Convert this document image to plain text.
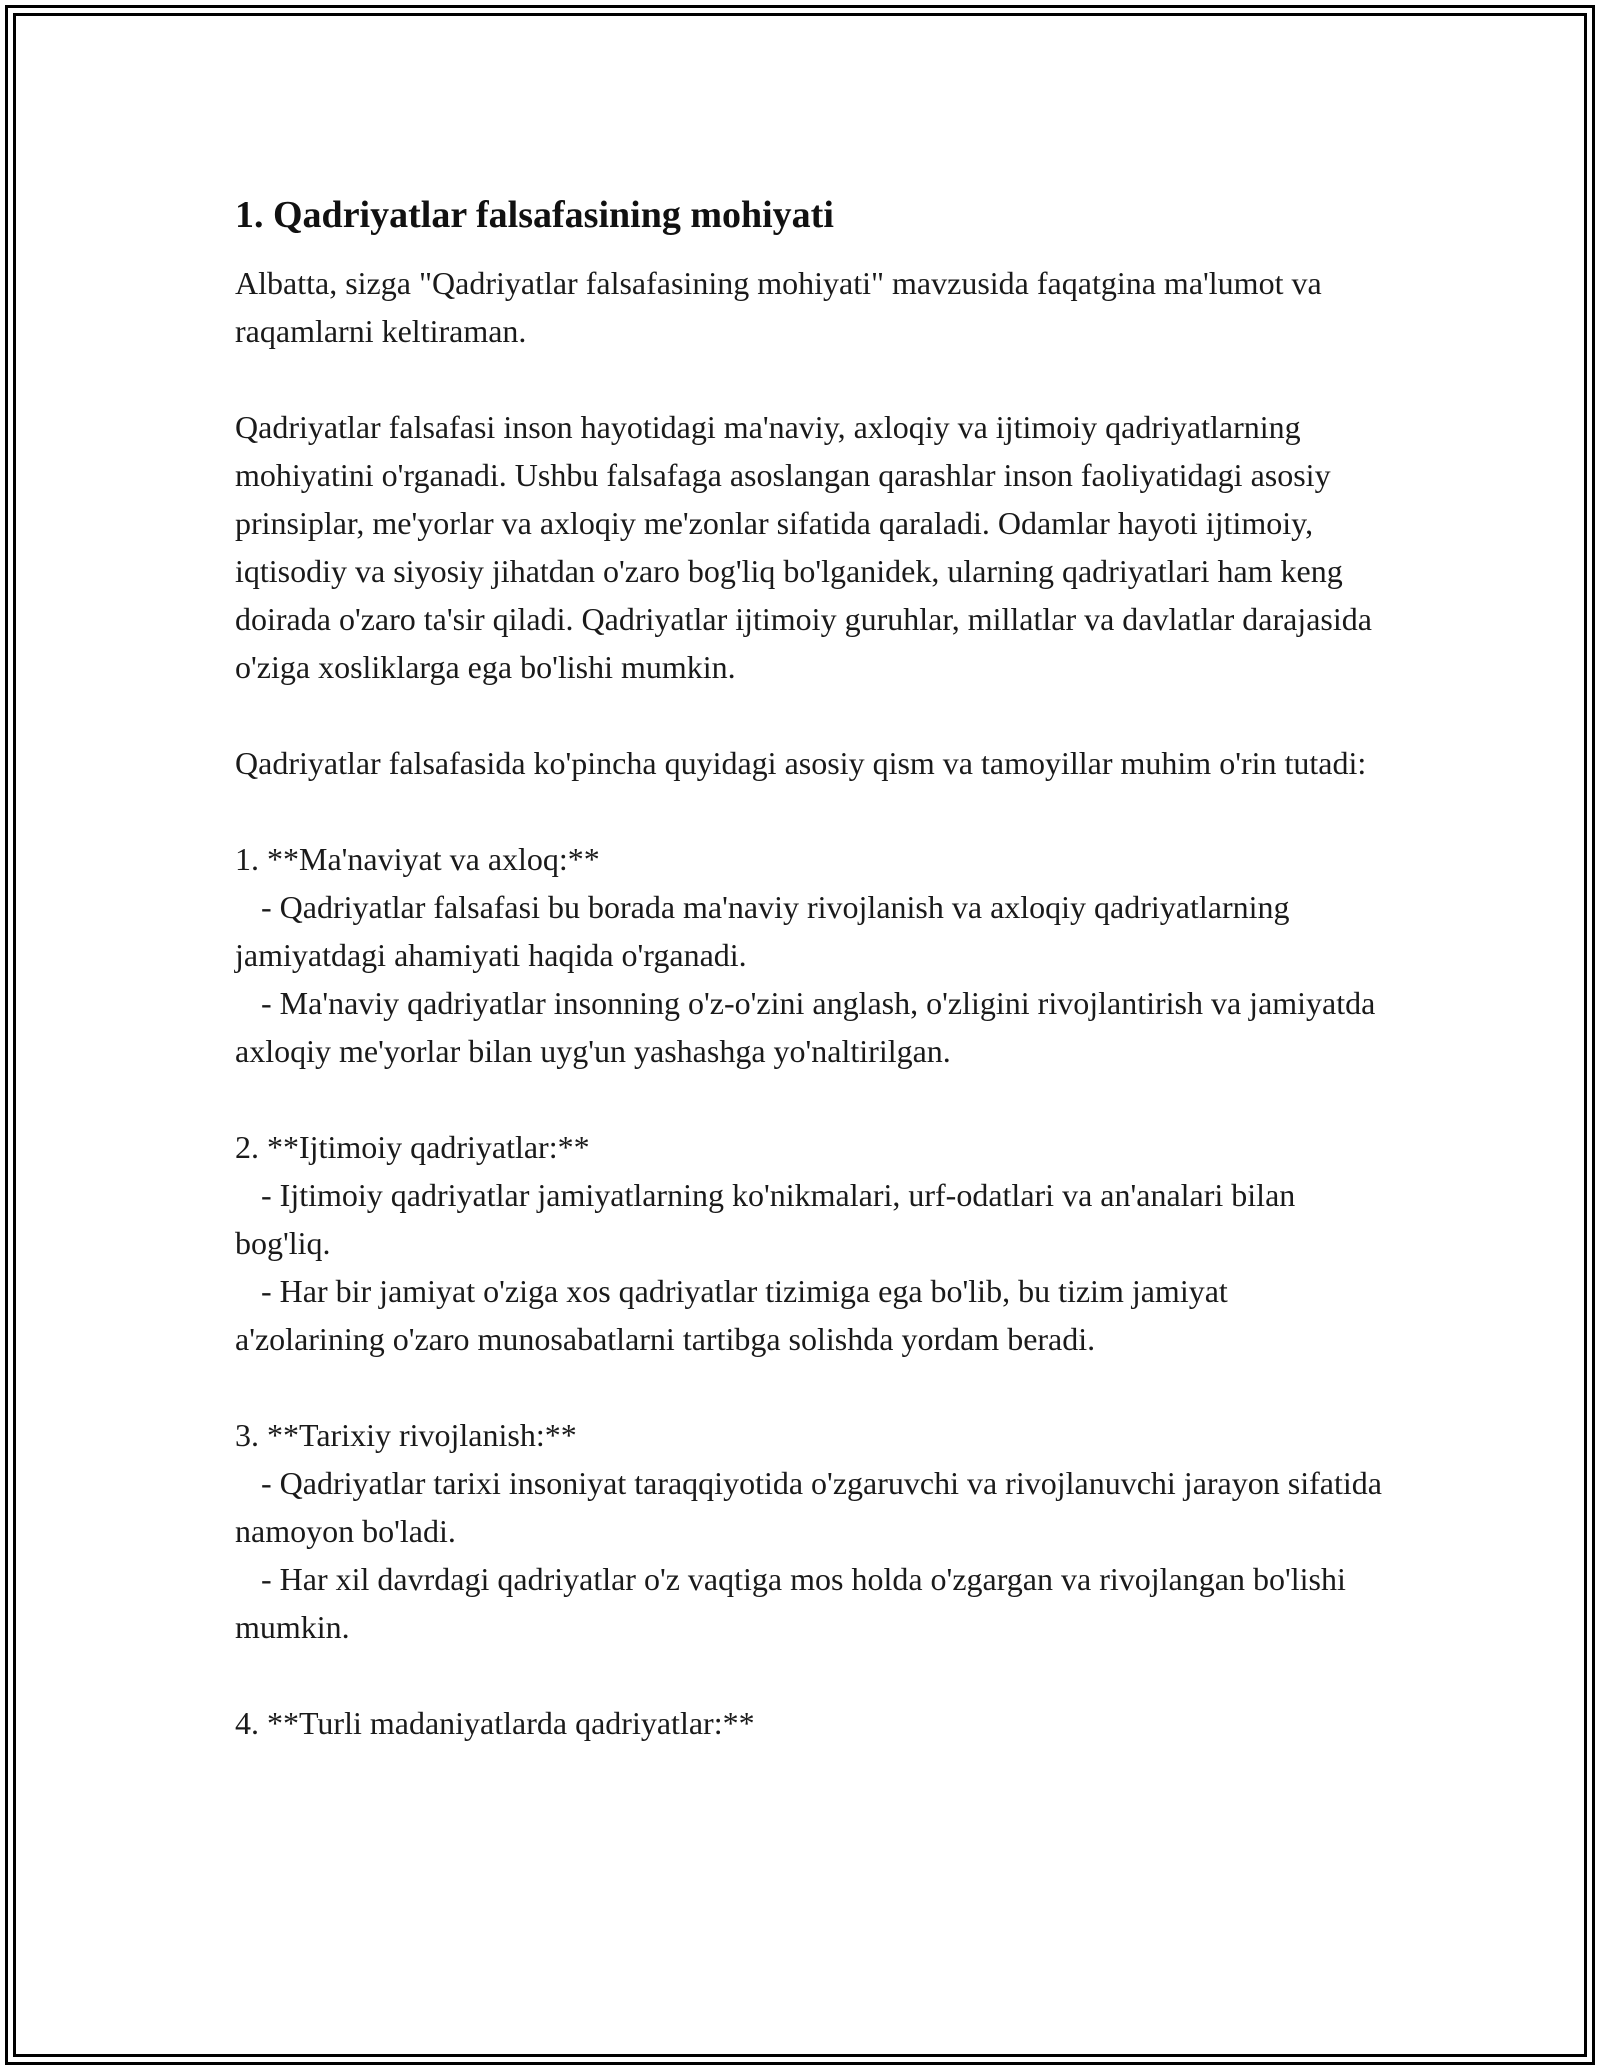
1. Qadriyatlar falsafasining mohiyati

Albatta, sizga "Qadriyatlar falsafasining mohiyati" mavzusida faqatgina ma'lumot va raqamlarni keltiraman.

Qadriyatlar falsafasi inson hayotidagi ma'naviy, axloqiy va ijtimoiy qadriyatlarning mohiyatini o'rganadi. Ushbu falsafaga asoslangan qarashlar inson faoliyatidagi asosiy prinsiplar, me'yorlar va axloqiy me'zonlar sifatida qaraladi. Odamlar hayoti ijtimoiy, iqtisodiy va siyosiy jihatdan o'zaro bog'liq bo'lganidek, ularning qadriyatlari ham keng doirada o'zaro ta'sir qiladi. Qadriyatlar ijtimoiy guruhlar, millatlar va davlatlar darajasida o'ziga xosliklarga ega bo'lishi mumkin.

Qadriyatlar falsafasida ko'pincha quyidagi asosiy qism va tamoyillar muhim o'rin tutadi:

1. **Ma'naviyat va axloq:**
- Qadriyatlar falsafasi bu borada ma'naviy rivojlanish va axloqiy qadriyatlarning jamiyatdagi ahamiyati haqida o'rganadi.
- Ma'naviy qadriyatlar insonning o'z-o'zini anglash, o'zligini rivojlantirish va jamiyatda axloqiy me'yorlar bilan uyg'un yashashga yo'naltirilgan.
2. **Ijtimoiy qadriyatlar:**
- Ijtimoiy qadriyatlar jamiyatlarning ko'nikmalari, urf-odatlari va an'analari bilan bog'liq.
- Har bir jamiyat o'ziga xos qadriyatlar tizimiga ega bo'lib, bu tizim jamiyat a'zolarining o'zaro munosabatlarni tartibga solishda yordam beradi.
3. **Tarixiy rivojlanish:**
- Qadriyatlar tarixi insoniyat taraqqiyotida o'zgaruvchi va rivojlanuvchi jarayon sifatida namoyon bo'ladi.
- Har xil davrdagi qadriyatlar o'z vaqtiga mos holda o'zgargan va rivojlangan bo'lishi mumkin.
4. **Turli madaniyatlarda qadriyatlar:**
